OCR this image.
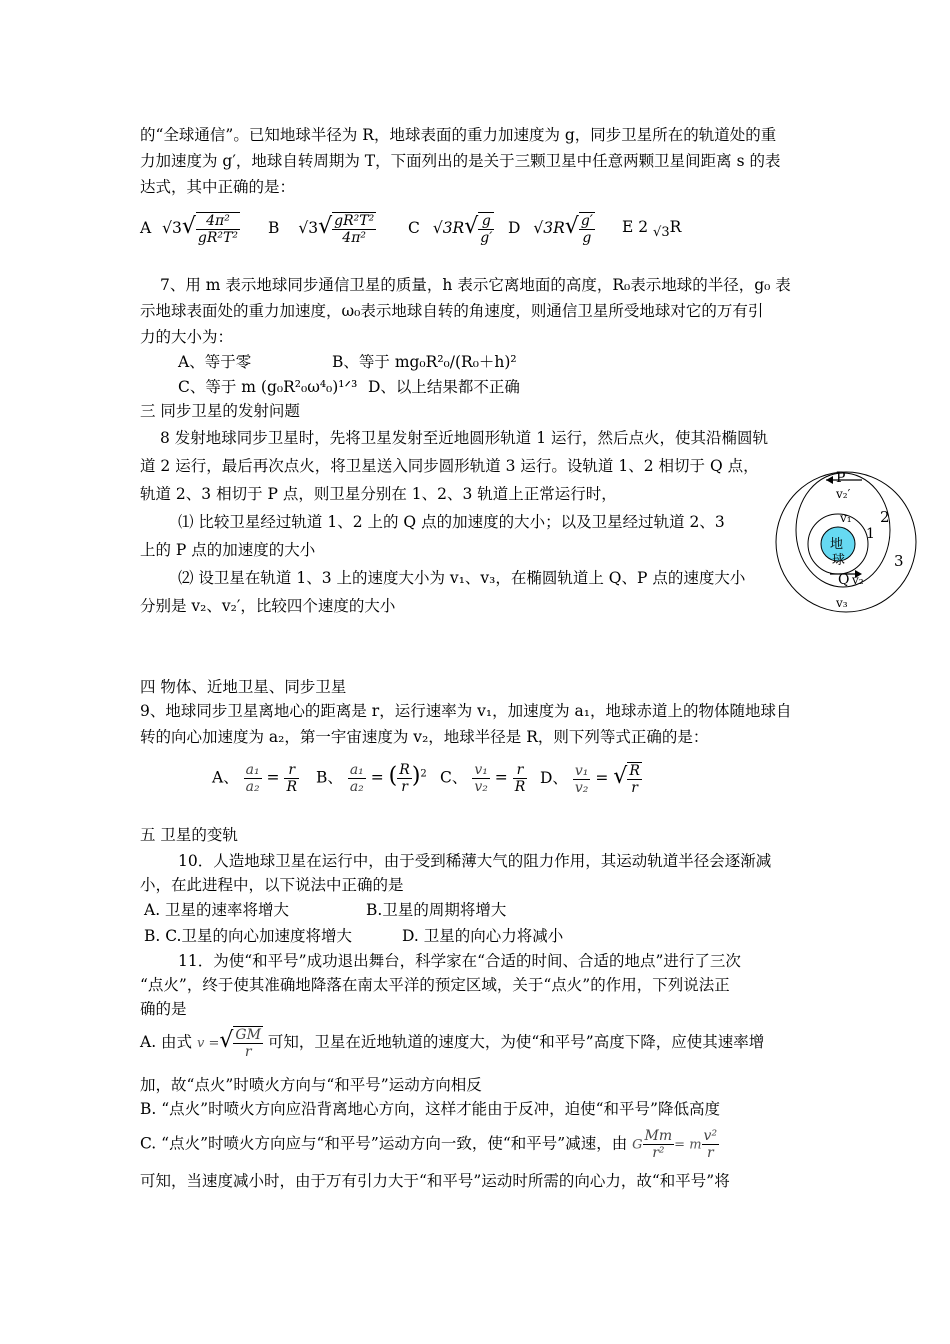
的“全球通信”。已知地球半径为 R，地球表面的重力加速度为 g，同步卫星所在的轨道处的重
力加速度为 g′，地球自转周期为 T，下面列出的是关于三颗卫星中任意两颗卫星间距离 s 的表
达式，其中正确的是：
A $√3√ \frac{\text{4π²}}{\text{gR²T²}}$ B $√3√ \frac{\text{gR²T²}}{\text{4π²}}$ C $√3R√ \frac{g}{g'}$ D $√3R√ \frac{g'}{g}$ E 2 $_{√3}$R
7、用 m 表示地球同步通信卫星的质量，h 表示它离地面的高度，R₀表示地球的半径，g₀ 表
示地球表面处的重力加速度，ω₀表示地球自转的角速度，则通信卫星所受地球对它的万有引
力的大小为：
A、等于零	B、等于 mg₀R²₀/(R₀＋h)²
C、等于 m (g₀R²₀ω⁴₀)¹ᐟ³ D、以上结果都不正确
三 同步卫星的发射问题
8 发射地球同步卫星时，先将卫星发射至近地圆形轨道 1 运行，然后点火，使其沿椭圆轨
道 2 运行，最后再次点火，将卫星送入同步圆形轨道 3 运行。设轨道 1、2 相切于 Q 点，
轨道 2、3 相切于 P 点，则卫星分别在 1、2、3 轨道上正常运行时，
⑴ 比较卫星经过轨道 1、2 上的 Q 点的加速度的大小；以及卫星经过轨道 2、3
上的 P 点的加速度的大小
⑵ 设卫星在轨道 1、3 上的速度大小为 v₁、v₃，在椭圆轨道上 Q、P 点的速度大小
分别是 v₂、v₂′，比较四个速度的大小
P
v₂′
v₁
地
球
1
2
3
Q v₂
v₃
四 物体、近地卫星、同步卫星
9、地球同步卫星离地心的距离是 r，运行速率为 v₁，加速度为 a₁，地球赤道上的物体随地球自
转的向心加速度为 a₂，第一宇宙速度为 v₂，地球半径是 R，则下列等式正确的是：
A、 $\frac{\text{a₁}}{\text{a₂}} = \frac{r}{R}$ B、 $\frac{\text{a₁}}{\text{a₂}}$ = ( $\frac{R}{r} )^2$ C、 $\frac{\text{v₁}}{\text{v₂}} = \frac{r}{R}$ D、 $\frac{\text{v₁}}{\text{v₂}}$ = √ $\frac{R}{r}$
五 卫星的变轨
10．人造地球卫星在运行中，由于受到稀薄大气的阻力作用，其运动轨道半径会逐渐减
小，在此进程中，以下说法中正确的是
A. 卫星的速率将增大	B.卫星的周期将增大
B. C.卫星的向心加速度将增大	D. 卫星的向心力将减小
11．为使“和平号”成功退出舞台，科学家在“合适的时间、合适的地点”进行了三次
“点火”，终于使其准确地降落在南太平洋的预定区域，关于“点火”的作用，下列说法正
确的是
A. 由式 v =√ $\frac{GM}{r}$ 可知，卫星在近地轨道的速度大，为使“和平号”高度下降，应使其速率增
加，故“点火”时喷火方向与“和平号”运动方向相反
B. “点火”时喷火方向应沿背离地心方向，这样才能由于反冲，迫使“和平号”降低高度
C. “点火”时喷火方向应与“和平号”运动方向一致，使“和平号”减速，由 G $\frac{Mm}{\text{r²}} = m \frac{\text{v²}}{r}$
可知，当速度减小时，由于万有引力大于“和平号”运动时所需的向心力，故“和平号”将
